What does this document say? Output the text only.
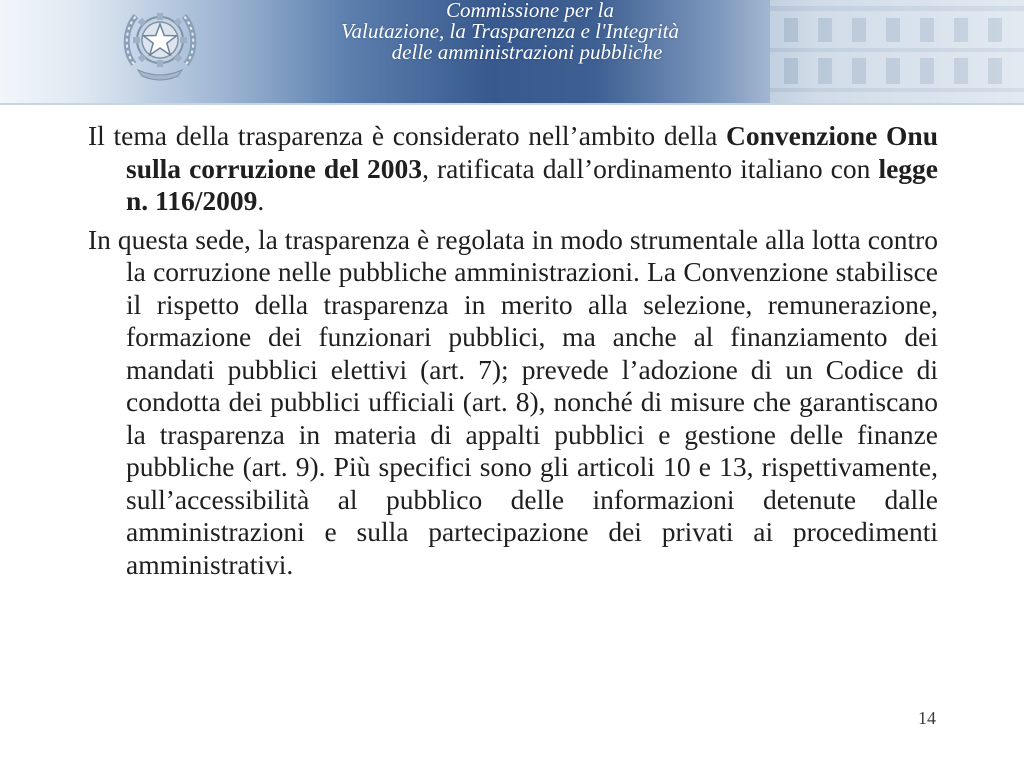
Commissione per la
Valutazione, la Trasparenza e l'Integrità
delle amministrazioni pubbliche

Il tema della trasparenza è considerato nell’ambito della Convenzione Onu sulla corruzione del 2003, ratificata dall’ordinamento italiano con legge n. 116/2009.

In questa sede, la trasparenza è regolata in modo strumentale alla lotta contro la corruzione nelle pubbliche amministrazioni. La Convenzione stabilisce il rispetto della trasparenza in merito alla selezione, remunerazione, formazione dei funzionari pubblici, ma anche al finanziamento dei mandati pubblici elettivi (art. 7); prevede l’adozione di un Codice di condotta dei pubblici ufficiali (art. 8), nonché di misure che garantiscano la trasparenza in materia di appalti pubblici e gestione delle finanze pubbliche (art. 9). Più specifici sono gli articoli 10 e 13, rispettivamente, sull’accessibilità al pubblico delle informazioni detenute dalle amministrazioni e sulla partecipazione dei privati ai procedimenti amministrativi.

14
